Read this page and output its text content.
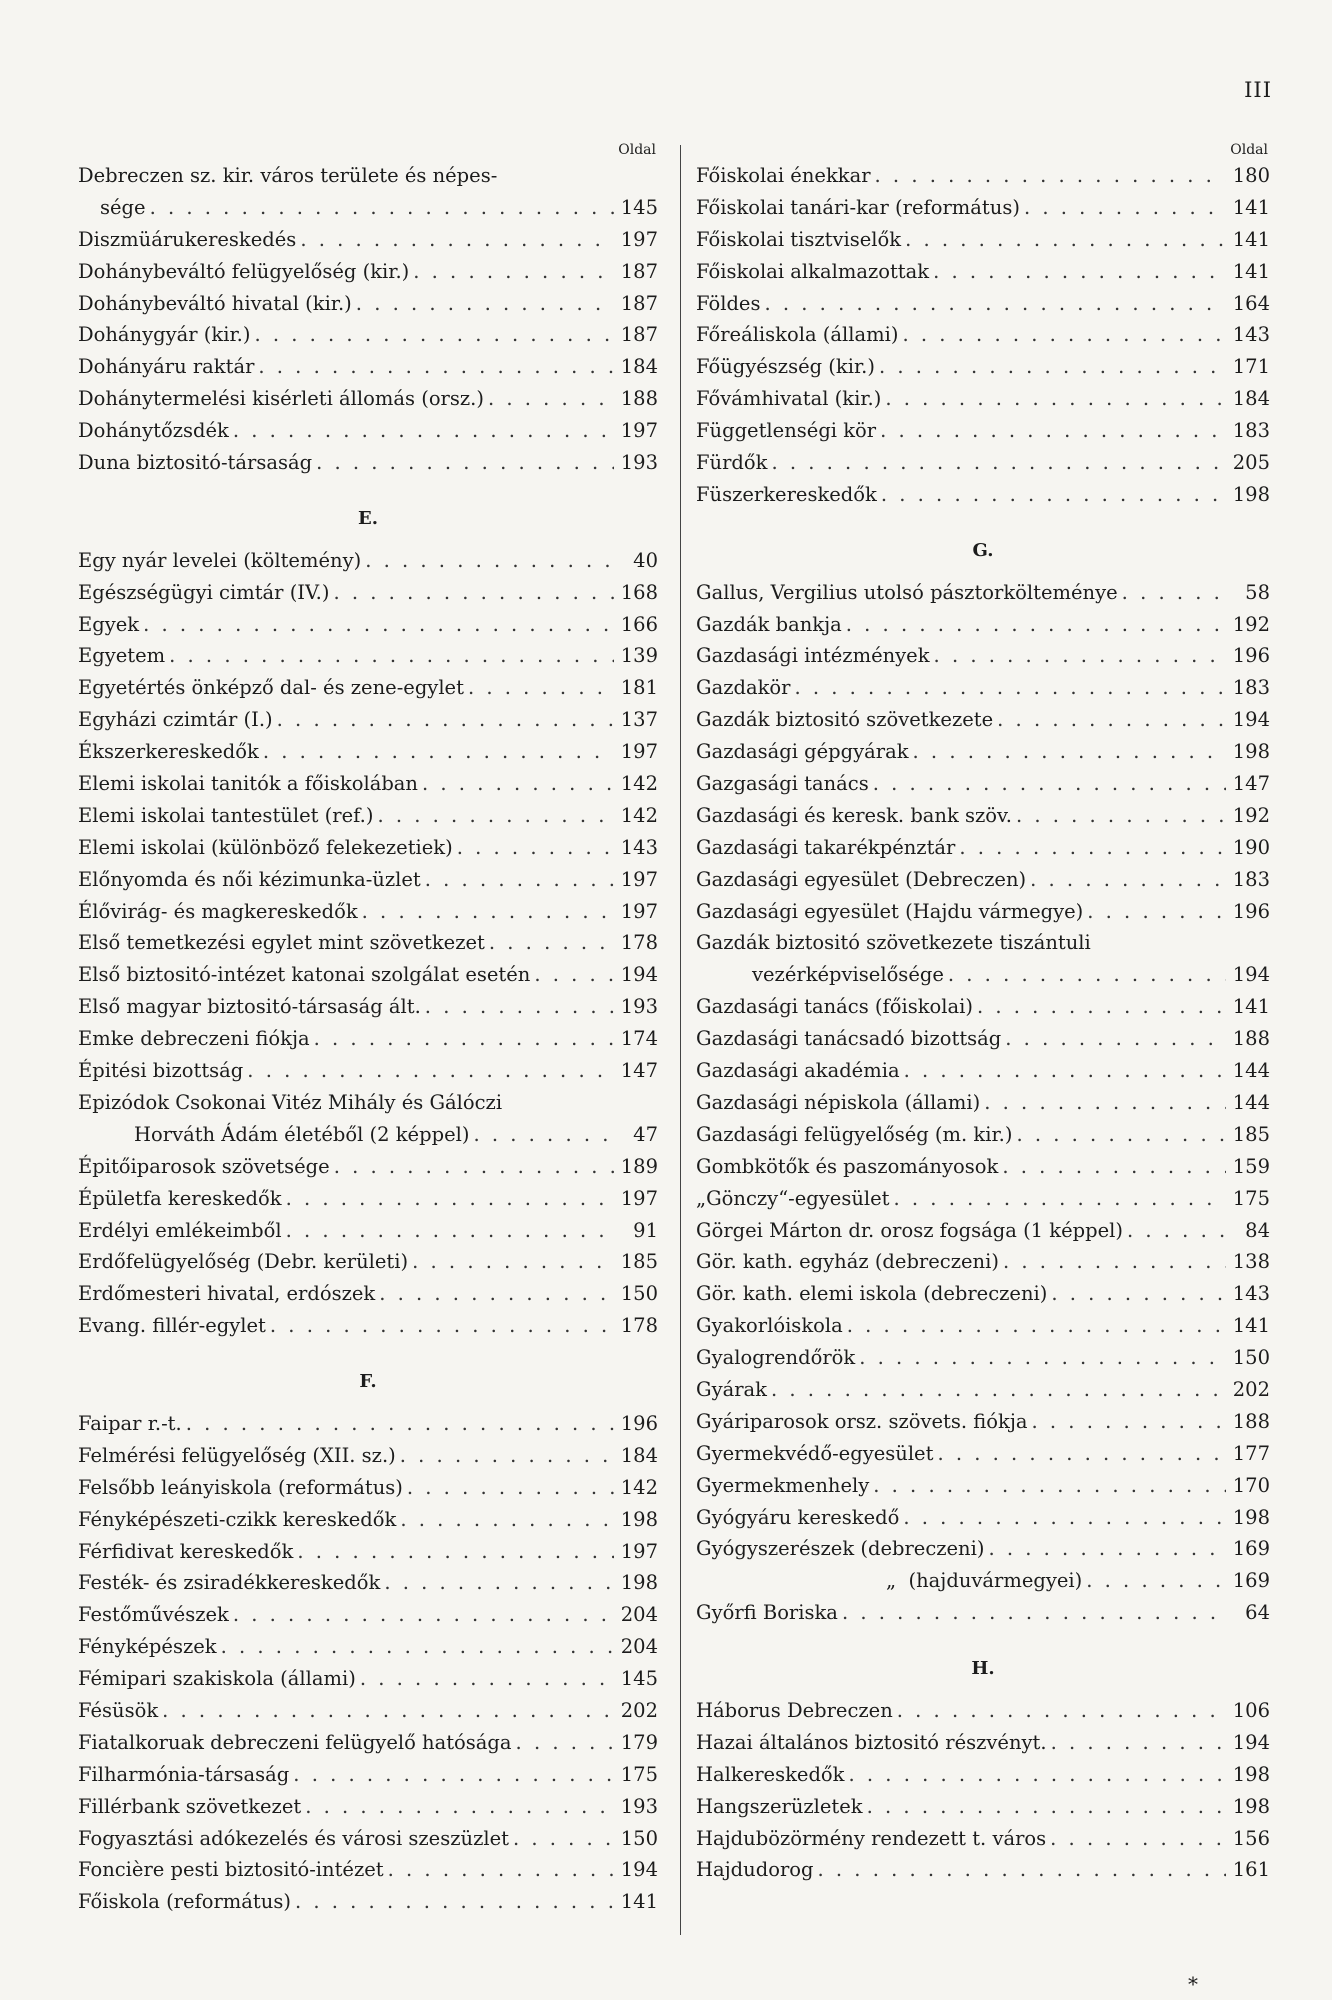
III
Oldal
Debreczen sz. kir. város területe és népes-
sége . . .	145
Diszmüárukereskedés . . .	197
Dohánybeváltó felügyelőség (kir.) . . .	187
Dohánybeváltó hivatal (kir.) . . .	187
Dohánygyár (kir.) . . .	187
Dohányáru raktár . . .	184
Dohánytermelési kisérleti állomás (orsz.) . . .	188
Dohánytőzsdék . . .	197
Duna biztositó-társaság . . .	193
E.
Egy nyár levelei (költemény) . . .	40
Egészségügyi cimtár (IV.) . . .	168
Egyek . . .	166
Egyetem . . .	139
Egyetértés önképző dal- és zene-egylet . . .	181
Egyházi czimtár (I.) . . .	137
Ékszerkereskedők . . .	197
Elemi iskolai tanitók a főiskolában . . .	142
Elemi iskolai tantestület (ref.) . . .	142
Elemi iskolai (különböző felekezetiek) . . .	143
Előnyomda és női kézimunka-üzlet . . .	197
Élővirág- és magkereskedők . . .	197
Első temetkezési egylet mint szövetkezet . . .	178
Első biztositó-intézet katonai szolgálat esetén . . .	194
Első magyar biztositó-társaság ált. . . .	193
Emke debreczeni fiókja . . .	174
Épitési bizottság . . .	147
Epizódok Csokonai Vitéz Mihály és Gálóczi
Horváth Ádám életéből (2 képpel) . . .	47
Épitőiparosok szövetsége . . .	189
Épületfa kereskedők . . .	197
Erdélyi emlékeimből . . .	91
Erdőfelügyelőség (Debr. kerületi) . . .	185
Erdőmesteri hivatal, erdószek . . .	150
Evang. fillér-egylet . . .	178
F.
Faipar r.-t. . . .	196
Felmérési felügyelőség (XII. sz.) . . .	184
Felsőbb leányiskola (református) . . .	142
Fényképészeti-czikk kereskedők . . .	198
Férfidivat kereskedők . . .	197
Festék- és zsiradékkereskedők . . .	198
Festőművészek . . .	204
Fényképészek . . .	204
Fémipari szakiskola (állami) . . .	145
Fésüsök . . .	202
Fiatalkoruak debreczeni felügyelő hatósága . . .	179
Filharmónia-társaság . . .	175
Fillérbank szövetkezet . . .	193
Fogyasztási adókezelés és városi szeszüzlet . . .	150
Foncière pesti biztositó-intézet . . .	194
Főiskola (református) . . .	141
Oldal
Főiskolai énekkar . . .	180
Főiskolai tanári-kar (református) . . .	141
Főiskolai tisztviselők . . .	141
Főiskolai alkalmazottak . . .	141
Földes . . .	164
Főreáliskola (állami) . . .	143
Főügyészség (kir.) . . .	171
Fővámhivatal (kir.) . . .	184
Függetlenségi kör . . .	183
Fürdők . . .	205
Füszerkereskedők . . .	198
G.
Gallus, Vergilius utolsó pásztorkölteménye . . .	58
Gazdák bankja . . .	192
Gazdasági intézmények . . .	196
Gazdakör . . .	183
Gazdák biztositó szövetkezete . . .	194
Gazdasági gépgyárak . . .	198
Gazgasági tanács . . .	147
Gazdasági és keresk. bank szöv. . . .	192
Gazdasági takarékpénztár . . .	190
Gazdasági egyesület (Debreczen) . . .	183
Gazdasági egyesület (Hajdu vármegye) . . .	196
Gazdák biztositó szövetkezete tiszántuli
vezérképviselősége . . .	194
Gazdasági tanács (főiskolai) . . .	141
Gazdasági tanácsadó bizottság . . .	188
Gazdasági akadémia . . .	144
Gazdasági népiskola (állami) . . .	144
Gazdasági felügyelőség (m. kir.) . . .	185
Gombkötők és paszományosok . . .	159
„Gönczy“-egyesület . . .	175
Görgei Márton dr. orosz fogsága (1 képpel) . . .	84
Gör. kath. egyház (debreczeni) . . .	138
Gör. kath. elemi iskola (debreczeni) . . .	143
Gyakorlóiskola . . .	141
Gyalogrendőrök . . .	150
Gyárak . . .	202
Gyáriparosok orsz. szövets. fiókja . . .	188
Gyermekvédő-egyesület . . .	177
Gyermekmenhely . . .	170
Gyógyáru kereskedő . . .	198
Gyógyszerészek (debreczeni) . . .	169
„  (hajduvármegyei) . . .	169
Győrfi Boriska . . .	64
H.
Háborus Debreczen . . .	106
Hazai általános biztositó részvényt. . . .	194
Halkereskedők . . .	198
Hangszerüzletek . . .	198
Hajdubözörmény rendezett t. város . . .	156
Hajdudorog . . .	161
*
